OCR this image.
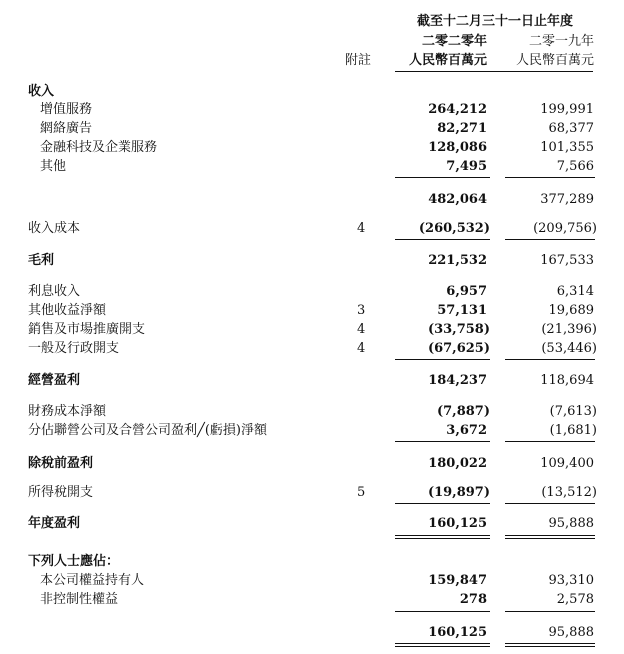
截至十二月三十一日止年度
二零二零年	二零一九年
附註	人民幣百萬元	人民幣百萬元
收入
增值服務	264,212	199,991
網絡廣告	82,271	68,377
金融科技及企業服務	128,086	101,355
其他	7,495	7,566
482,064	377,289
收入成本	4	(260,532)	(209,756)
毛利	221,532	167,533
利息收入	6,957	6,314
其他收益淨額	3	57,131	19,689
銷售及市場推廣開支	4	(33,758)	(21,396)
一般及行政開支	4	(67,625)	(53,446)
經營盈利	184,237	118,694
財務成本淨額	(7,887)	(7,613)
分佔聯營公司及合營公司盈利╱(虧損)淨額	3,672	(1,681)
除稅前盈利	180,022	109,400
所得稅開支	5	(19,897)	(13,512)
年度盈利	160,125	95,888
下列人士應佔：
本公司權益持有人	159,847	93,310
非控制性權益	278	2,578
160,125	95,888
